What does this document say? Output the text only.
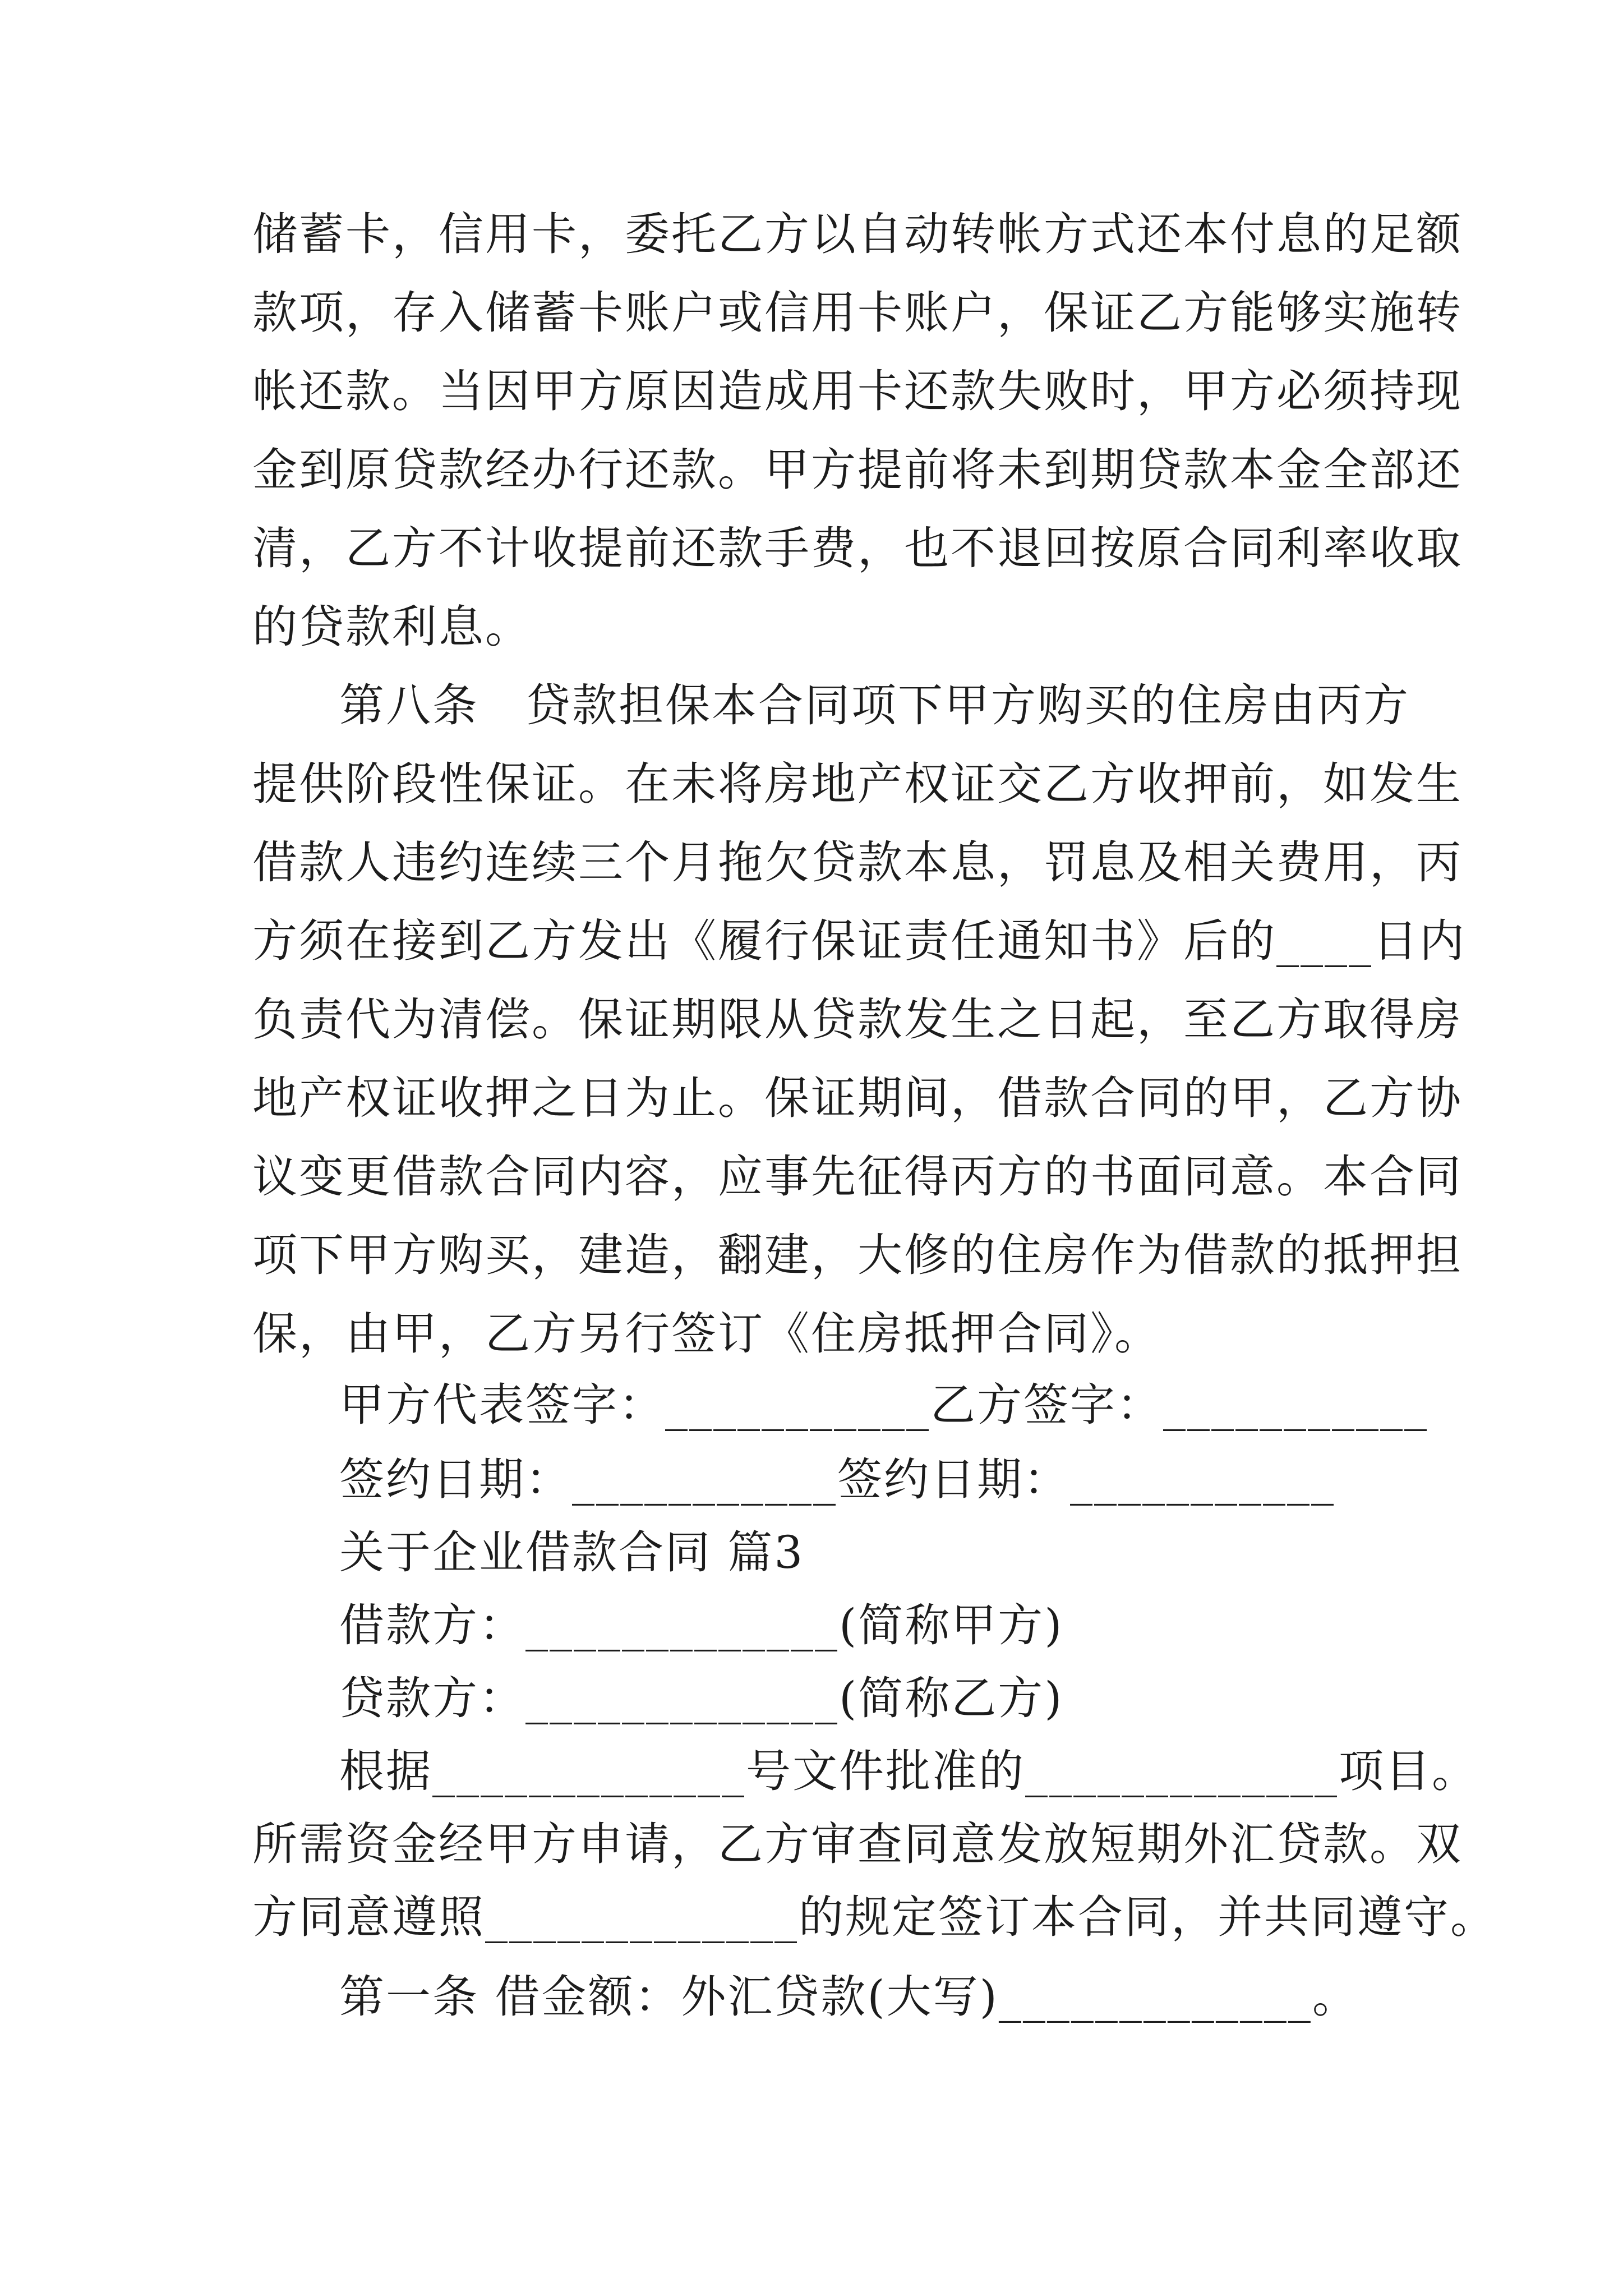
储蓄卡，信用卡，委托乙方以自动转帐方式还本付息的足额
款项，存入储蓄卡账户或信用卡账户，保证乙方能够实施转
帐还款。当因甲方原因造成用卡还款失败时，甲方必须持现
金到原贷款经办行还款。甲方提前将未到期贷款本金全部还
清，乙方不计收提前还款手费，也不退回按原合同利率收取
的贷款利息。
第八条　贷款担保本合同项下甲方购买的住房由丙方
提供阶段性保证。在未将房地产权证交乙方收押前，如发生
借款人违约连续三个月拖欠贷款本息，罚息及相关费用，丙
方须在接到乙方发出《履行保证责任通知书》后的____日内
负责代为清偿。保证期限从贷款发生之日起，至乙方取得房
地产权证收押之日为止。保证期间，借款合同的甲，乙方协
议变更借款合同内容，应事先征得丙方的书面同意。本合同
项下甲方购买，建造，翻建，大修的住房作为借款的抵押担
保，由甲，乙方另行签订《住房抵押合同》。
甲方代表签字：___________乙方签字：___________
签约日期：___________签约日期：___________
关于企业借款合同 篇3
借款方：_____________(简称甲方)
贷款方：_____________(简称乙方)
根据_____________号文件批准的_____________项目。
所需资金经甲方申请，乙方审查同意发放短期外汇贷款。双
方同意遵照_____________的规定签订本合同，并共同遵守。
第一条 借金额：外汇贷款(大写)_____________。
